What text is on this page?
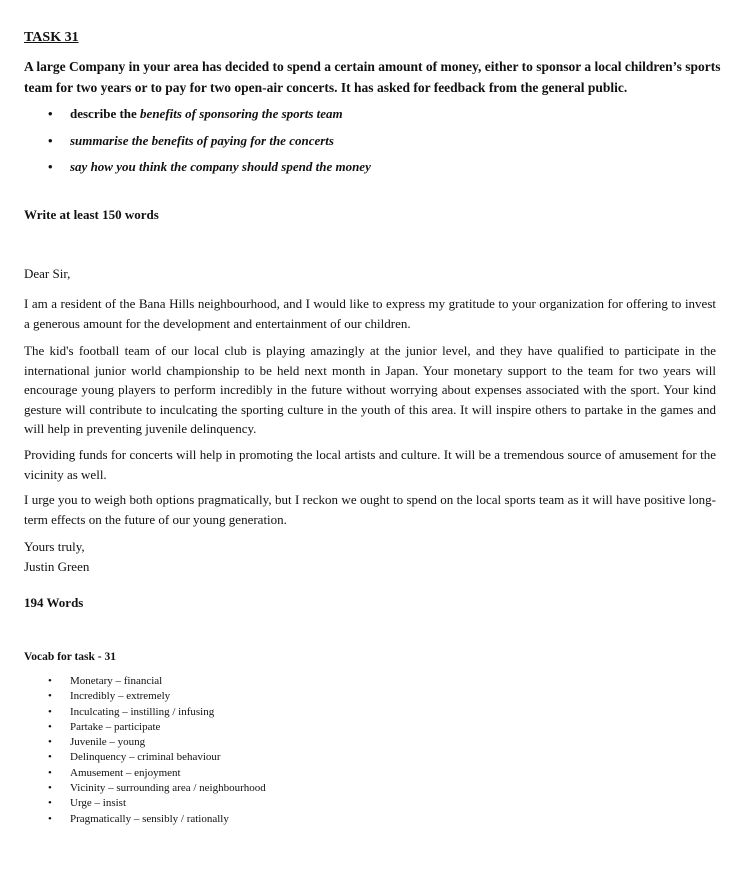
TASK 31

A large Company in your area has decided to spend a certain amount of money, either to sponsor a local children’s sports team for two years or to pay for two open-air concerts. It has asked for feedback from the general public.

• describe the benefits of sponsoring the sports team
• summarise the benefits of paying for the concerts
• say how you think the company should spend the money
Write at least 150 words

Dear Sir,

I am a resident of the Bana Hills neighbourhood, and I would like to express my gratitude to your organization for offering to invest a generous amount for the development and entertainment of our children.

The kid's football team of our local club is playing amazingly at the junior level, and they have qualified to participate in the international junior world championship to be held next month in Japan. Your monetary support to the team for two years will encourage young players to perform incredibly in the future without worrying about expenses associated with the sport. Your kind gesture will contribute to inculcating the sporting culture in the youth of this area. It will inspire others to partake in the games and will help in preventing juvenile delinquency.

Providing funds for concerts will help in promoting the local artists and culture. It will be a tremendous source of amusement for the vicinity as well.

I urge you to weigh both options pragmatically, but I reckon we ought to spend on the local sports team as it will have positive long-term effects on the future of our young generation.

Yours truly,

Justin Green

194 Words
Vocab for task - 31
• Monetary – financial
• Incredibly – extremely
• Inculcating – instilling / infusing
• Partake – participate
• Juvenile – young
• Delinquency – criminal behaviour
• Amusement – enjoyment
• Vicinity – surrounding area / neighbourhood
• Urge – insist
• Pragmatically – sensibly / rationally
